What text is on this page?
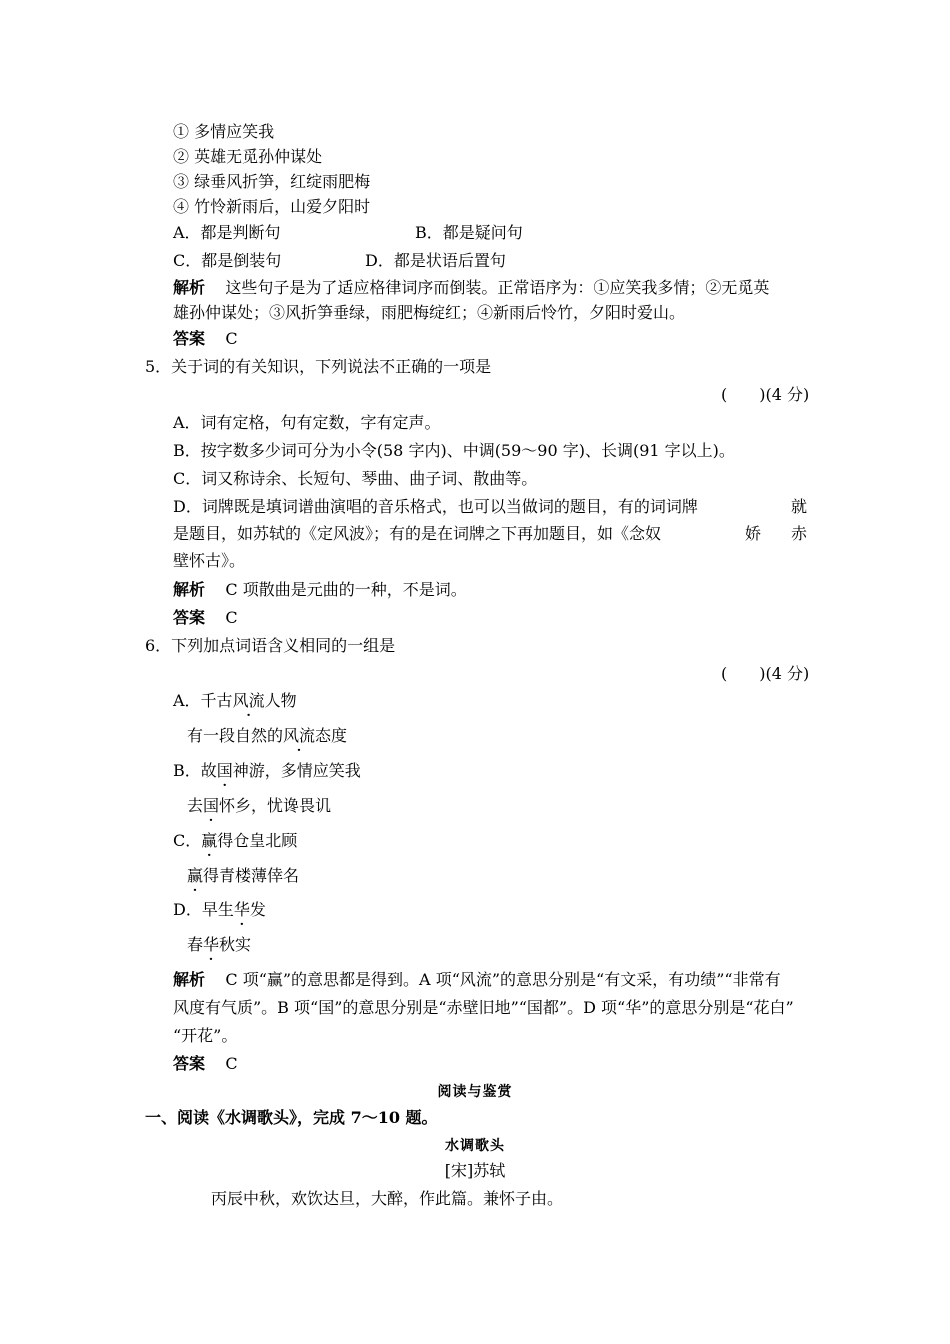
① 多情应笑我
② 英雄无觅孙仲谋处
③ 绿垂风折笋，红绽雨肥梅
④ 竹怜新雨后，山爱夕阳时
A．都是判断句	B．都是疑问句
C．都是倒装句	D．都是状语后置句
解析 这些句子是为了适应格律词序而倒装。正常语序为：①应笑我多情；②无觅英
雄孙仲谋处；③风折笋垂绿，雨肥梅绽红；④新雨后怜竹，夕阳时爱山。
答案 C
5．关于词的有关知识，下列说法不正确的一项是
(　　)(4 分)
A．词有定格，句有定数，字有定声。
B．按字数多少词可分为小令(58 字内)、中调(59～90 字)、长调(91 字以上)。
C．词又称诗余、长短句、琴曲、曲子词、散曲等。
D．词牌既是填词谱曲演唱的音乐格式，也可以当做词的题目，有的词词牌	就
是题目，如苏轼的《定风波》；有的是在词牌之下再加题目，如《念奴	娇 赤
壁怀古》。
解析 C 项散曲是元曲的一种，不是词。
答案 C
6．下列加点词语含义相同的一组是
(　　)(4 分)
A．千古风流人物
有一段自然的风流态度
B．故国神游，多情应笑我
去国怀乡，忧谗畏讥
C．赢得仓皇北顾
赢得青楼薄倖名
D．早生华发
春华秋实
解析 C 项“赢”的意思都是得到。A 项“风流”的意思分别是“有文采，有功绩”“非常有
风度有气质”。B 项“国”的意思分别是“赤壁旧地”“国都”。D 项“华”的意思分别是“花白”
“开花”。
答案 C
阅读与鉴赏
一、阅读《水调歌头》，完成 7～10 题。
水调歌头
[宋]苏轼
丙辰中秋，欢饮达旦，大醉，作此篇。兼怀子由。
